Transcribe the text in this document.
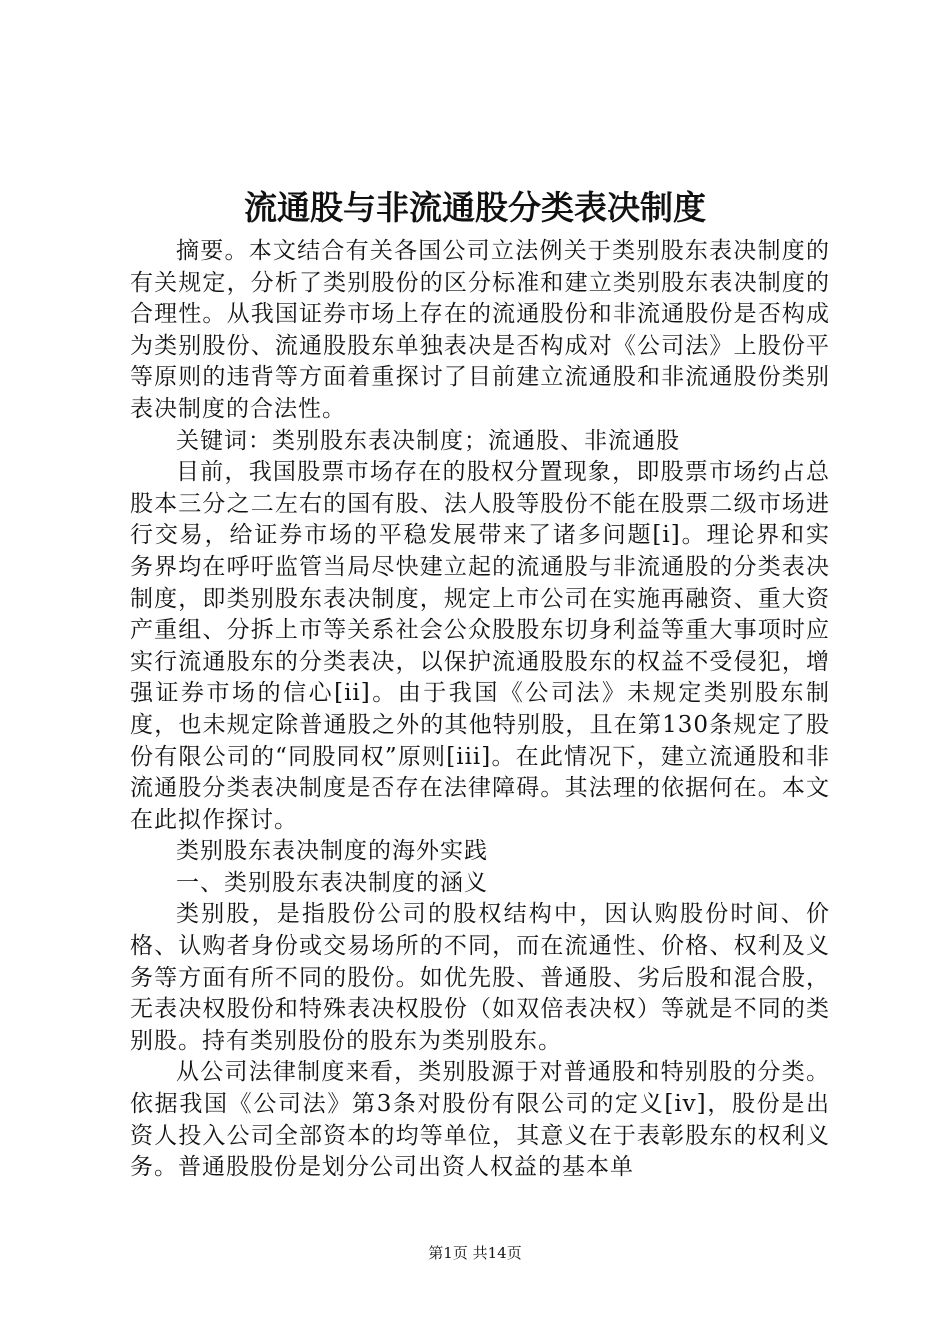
流通股与非流通股分类表决制度

摘要。本文结合有关各国公司立法例关于类别股东表决制度的有关规定，分析了类别股份的区分标准和建立类别股东表决制度的合理性。从我国证券市场上存在的流通股份和非流通股份是否构成为类别股份、流通股股东单独表决是否构成对《公司法》上股份平等原则的违背等方面着重探讨了目前建立流通股和非流通股份类别表决制度的合法性。

关键词：类别股东表决制度；流通股、非流通股

目前，我国股票市场存在的股权分置现象，即股票市场约占总股本三分之二左右的国有股、法人股等股份不能在股票二级市场进行交易，给证券市场的平稳发展带来了诸多问题[i]。理论界和实务界均在呼吁监管当局尽快建立起的流通股与非流通股的分类表决制度，即类别股东表决制度，规定上市公司在实施再融资、重大资产重组、分拆上市等关系社会公众股股东切身利益等重大事项时应实行流通股东的分类表决，以保护流通股股东的权益不受侵犯，增强证券市场的信心[ii]。由于我国《公司法》未规定类别股东制度，也未规定除普通股之外的其他特别股，且在第130条规定了股份有限公司的“同股同权”原则[iii]。在此情况下，建立流通股和非流通股分类表决制度是否存在法律障碍。其法理的依据何在。本文在此拟作探讨。

类别股东表决制度的海外实践

一、类别股东表决制度的涵义

类别股，是指股份公司的股权结构中，因认购股份时间、价格、认购者身份或交易场所的不同，而在流通性、价格、权利及义务等方面有所不同的股份。如优先股、普通股、劣后股和混合股，无表决权股份和特殊表决权股份（如双倍表决权）等就是不同的类别股。持有类别股份的股东为类别股东。

从公司法律制度来看，类别股源于对普通股和特别股的分类。依据我国《公司法》第3条对股份有限公司的定义[iv]，股份是出资人投入公司全部资本的均等单位，其意义在于表彰股东的权利义务。普通股股份是划分公司出资人权益的基本单

第1页 共14页
